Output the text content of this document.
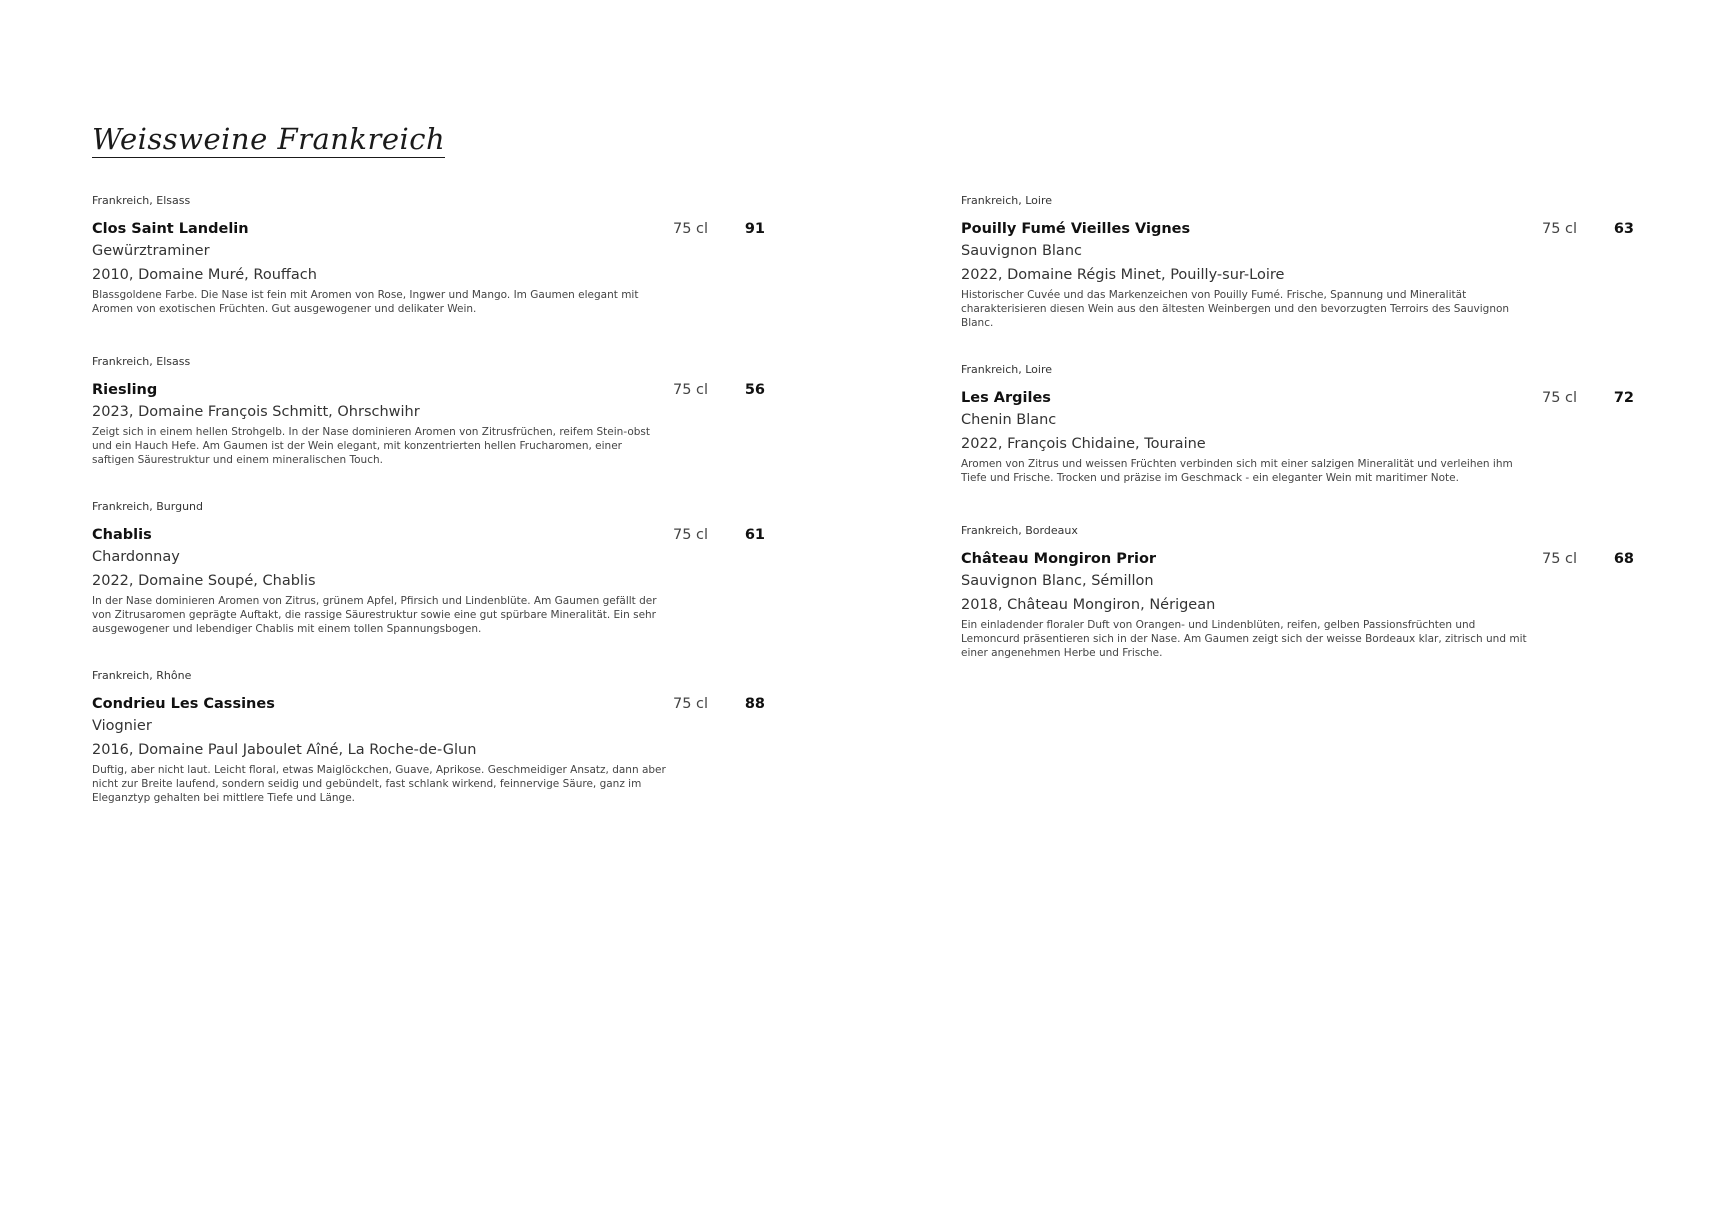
Weissweine Frankreich
Frankreich, Elsass
Clos Saint Landelin	75 cl	91
Gewürztraminer
2010, Domaine Muré, Rouffach
Blassgoldene Farbe. Die Nase ist fein mit Aromen von Rose, Ingwer und Mango. Im Gaumen elegant mit Aromen von exotischen Früchten. Gut ausgewogener und delikater Wein.
Frankreich, Elsass
Riesling	75 cl	56
2023, Domaine François Schmitt, Ohrschwihr
Zeigt sich in einem hellen Strohgelb. In der Nase dominieren Aromen von Zitrusfrüchen, reifem Stein-obst und ein Hauch Hefe. Am Gaumen ist der Wein elegant, mit konzentrierten hellen Frucharomen, einer saftigen Säurestruktur und einem mineralischen Touch.
Frankreich, Burgund
Chablis	75 cl	61
Chardonnay
2022, Domaine Soupé, Chablis
In der Nase dominieren Aromen von Zitrus, grünem Apfel, Pfirsich und Lindenblüte. Am Gaumen gefällt der von Zitrusaromen geprägte Auftakt, die rassige Säurestruktur sowie eine gut spürbare Mineralität. Ein sehr ausgewogener und lebendiger Chablis mit einem tollen Spannungsbogen.
Frankreich, Rhône
Condrieu Les Cassines	75 cl	88
Viognier
2016, Domaine Paul Jaboulet Aîné, La Roche-de-Glun
Duftig, aber nicht laut. Leicht floral, etwas Maiglöckchen, Guave, Aprikose. Geschmeidiger Ansatz, dann aber nicht zur Breite laufend, sondern seidig und gebündelt, fast schlank wirkend, feinnervige Säure, ganz im Eleganztyp gehalten bei mittlere Tiefe und Länge.
Frankreich, Loire
Pouilly Fumé Vieilles Vignes	75 cl	63
Sauvignon Blanc
2022, Domaine Régis Minet, Pouilly-sur-Loire
Historischer Cuvée und das Markenzeichen von Pouilly Fumé. Frische, Spannung und Mineralität charakterisieren diesen Wein aus den ältesten Weinbergen und den bevorzugten Terroirs des Sauvignon Blanc.
Frankreich, Loire
Les Argiles	75 cl	72
Chenin Blanc
2022, François Chidaine, Touraine
Aromen von Zitrus und weissen Früchten verbinden sich mit einer salzigen Mineralität und verleihen ihm Tiefe und Frische. Trocken und präzise im Geschmack - ein eleganter Wein mit maritimer Note.
Frankreich, Bordeaux
Château Mongiron Prior	75 cl	68
Sauvignon Blanc, Sémillon
2018, Château Mongiron, Nérigean
Ein einladender floraler Duft von Orangen- und Lindenblüten, reifen, gelben Passionsfrüchten und Lemoncurd präsentieren sich in der Nase. Am Gaumen zeigt sich der weisse Bordeaux klar, zitrisch und mit einer angenehmen Herbe und Frische.
